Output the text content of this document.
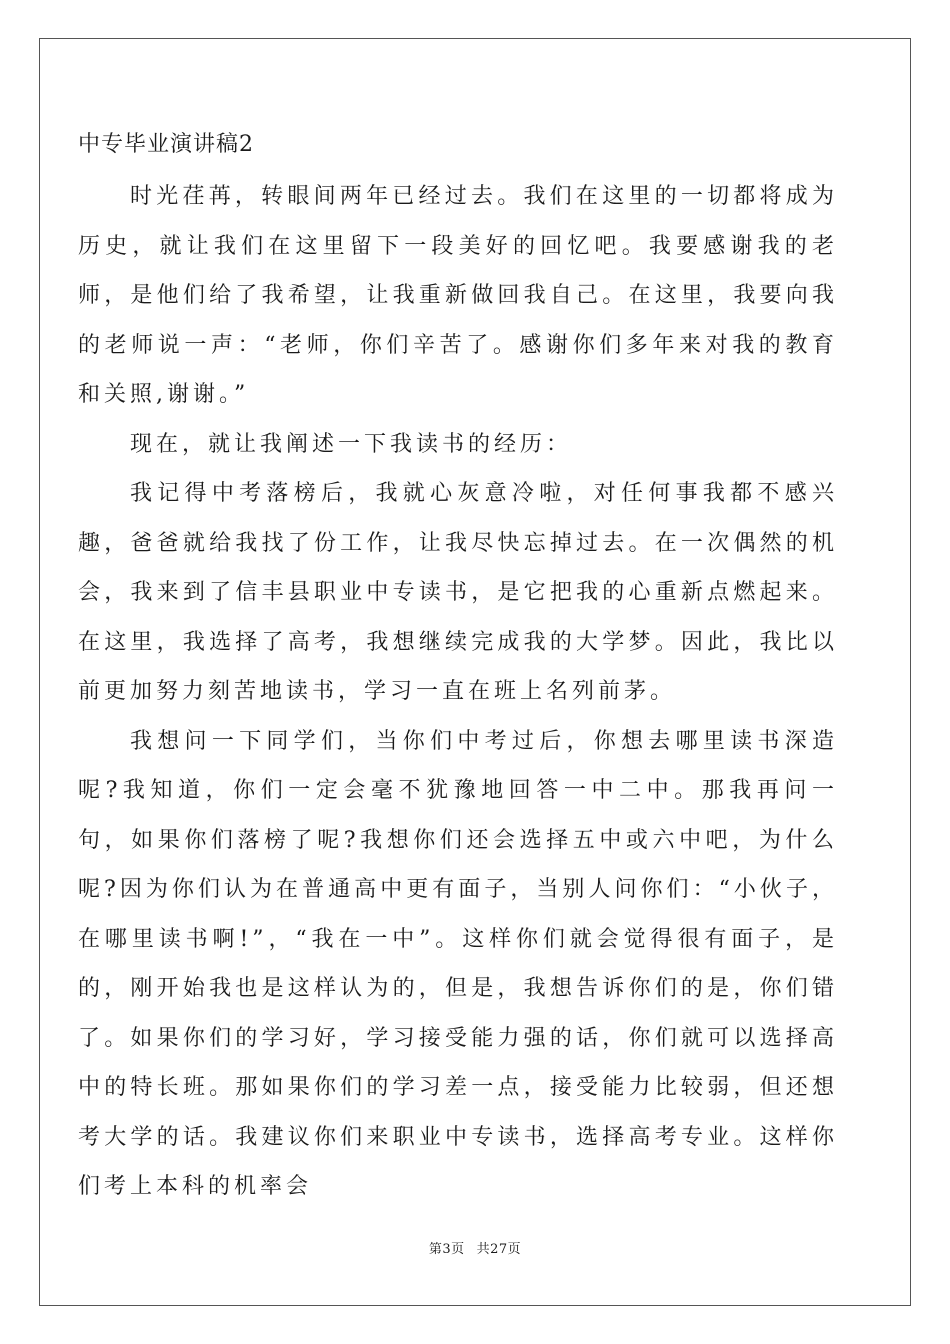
中专毕业演讲稿2

时光荏苒，转眼间两年已经过去。我们在这里的一切都将成为历史，就让我们在这里留下一段美好的回忆吧。我要感谢我的老师，是他们给了我希望，让我重新做回我自己。在这里，我要向我的老师说一声：“老师，你们辛苦了。感谢你们多年来对我的教育和关照,谢谢。”

现在，就让我阐述一下我读书的经历：

我记得中考落榜后，我就心灰意冷啦，对任何事我都不感兴趣，爸爸就给我找了份工作，让我尽快忘掉过去。在一次偶然的机会，我来到了信丰县职业中专读书，是它把我的心重新点燃起来。在这里，我选择了高考，我想继续完成我的大学梦。因此，我比以前更加努力刻苦地读书，学习一直在班上名列前茅。

我想问一下同学们，当你们中考过后，你想去哪里读书深造呢?我知道，你们一定会毫不犹豫地回答一中二中。那我再问一句，如果你们落榜了呢?我想你们还会选择五中或六中吧，为什么呢?因为你们认为在普通高中更有面子，当别人问你们：“小伙子，在哪里读书啊!”，“我在一中”。这样你们就会觉得很有面子，是的，刚开始我也是这样认为的，但是，我想告诉你们的是，你们错了。如果你们的学习好，学习接受能力强的话，你们就可以选择高中的特长班。那如果你们的学习差一点，接受能力比较弱，但还想考大学的话。我建议你们来职业中专读书，选择高考专业。这样你们考上本科的机率会

第3页 共27页
